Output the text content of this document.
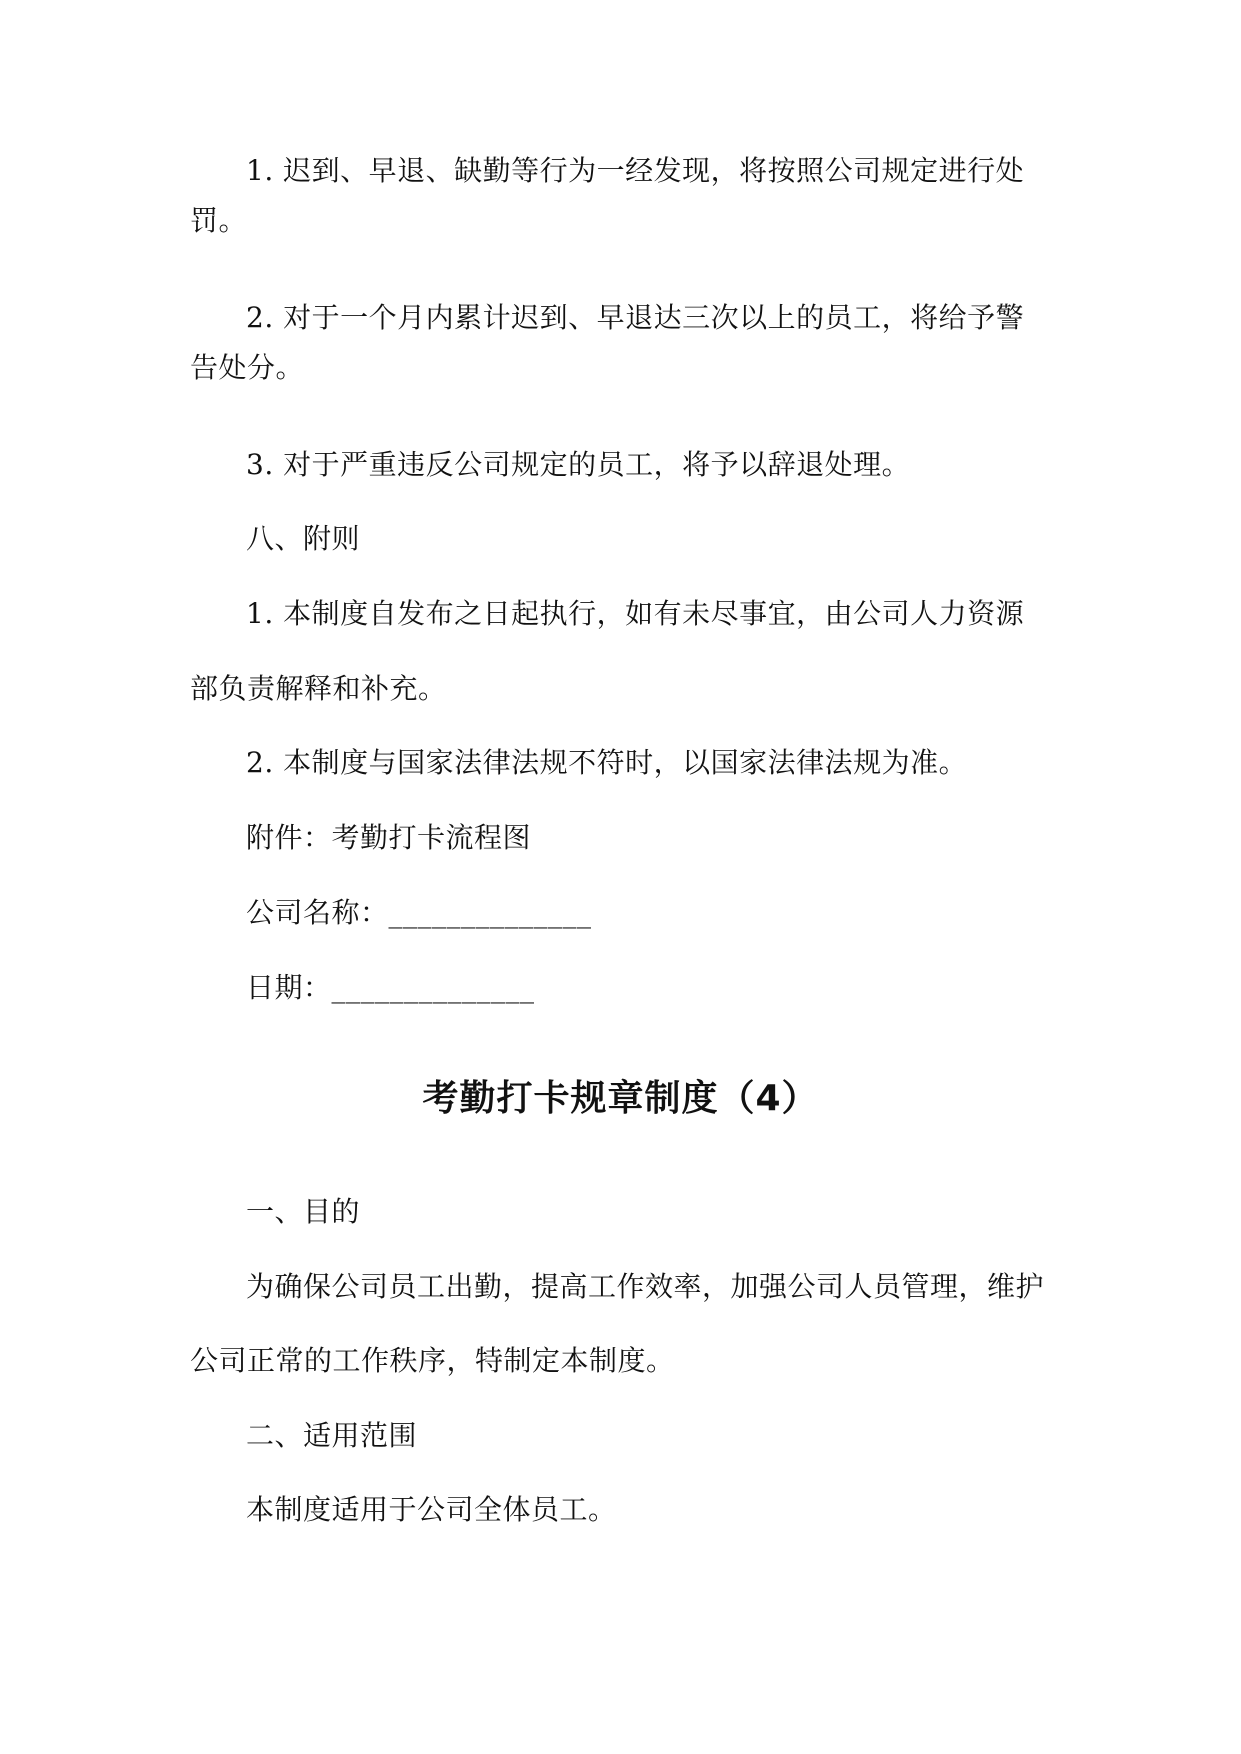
1. 迟到、早退、缺勤等行为一经发现，将按照公司规定进行处
罚。
2. 对于一个月内累计迟到、早退达三次以上的员工，将给予警
告处分。
3. 对于严重违反公司规定的员工，将予以辞退处理。
八、附则
1. 本制度自发布之日起执行，如有未尽事宜，由公司人力资源
部负责解释和补充。
2. 本制度与国家法律法规不符时，以国家法律法规为准。
附件：考勤打卡流程图
公司名称：______________
日期：______________
考勤打卡规章制度（4）
一、目的
为确保公司员工出勤，提高工作效率，加强公司人员管理，维护
公司正常的工作秩序，特制定本制度。
二、适用范围
本制度适用于公司全体员工。
